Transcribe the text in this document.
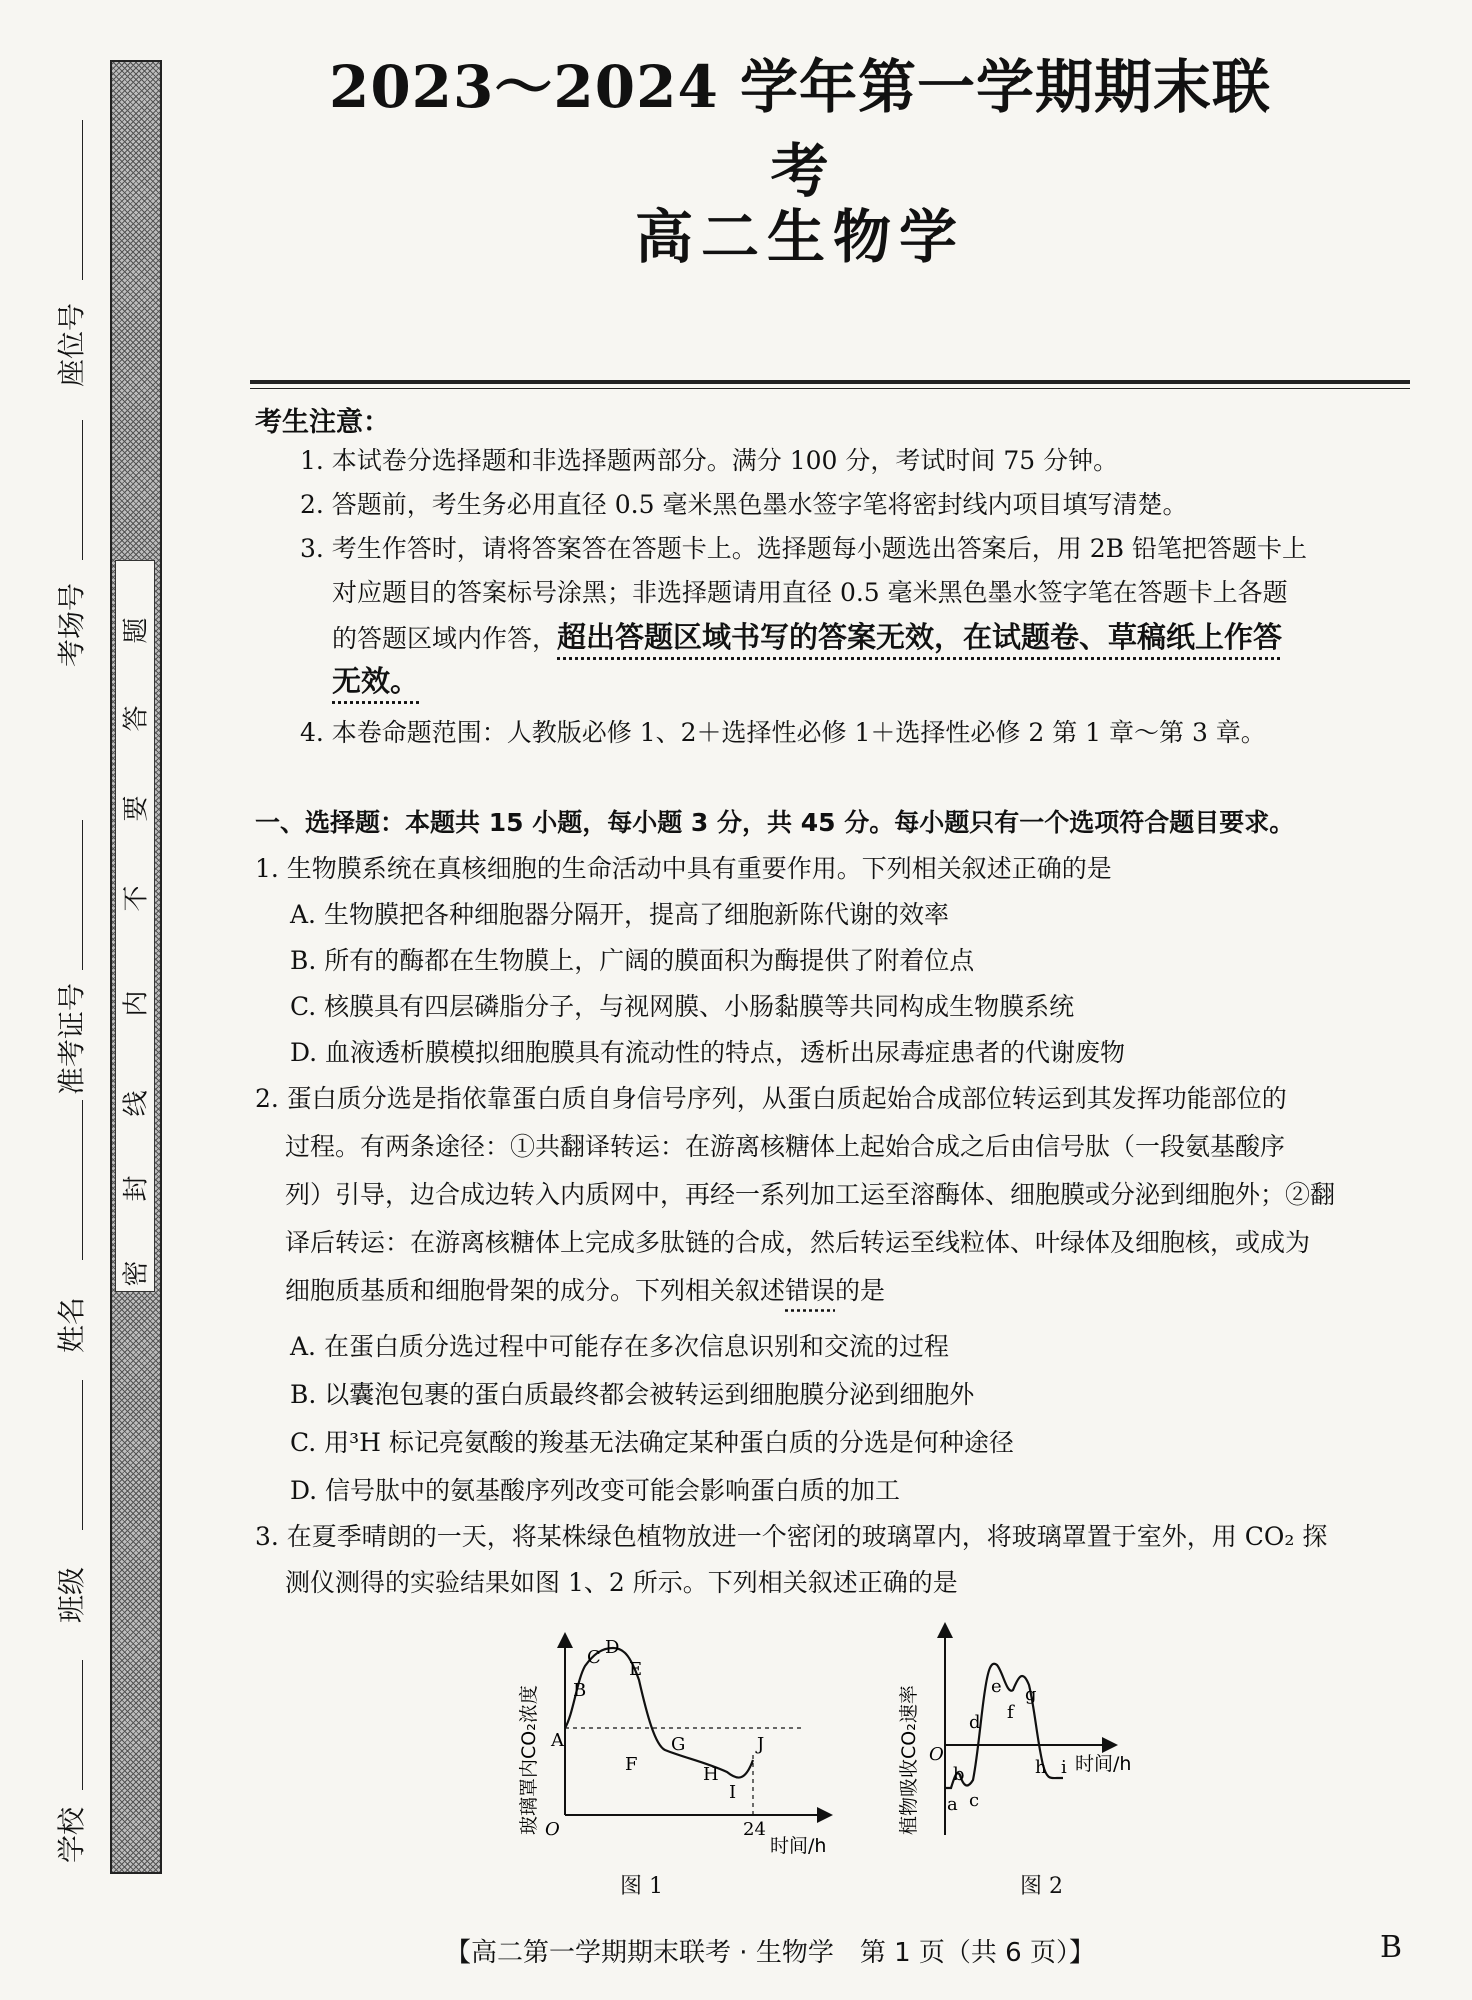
题
答
要
不
内
线
封
密
学校
班级
姓名
准考证号
考场号
座位号
2023～2024 学年第一学期期末联考
高二生物学
考生注意：
1. 本试卷分选择题和非选择题两部分。满分 100 分，考试时间 75 分钟。
2. 答题前，考生务必用直径 0.5 毫米黑色墨水签字笔将密封线内项目填写清楚。
3. 考生作答时，请将答案答在答题卡上。选择题每小题选出答案后，用 2B 铅笔把答题卡上
对应题目的答案标号涂黑；非选择题请用直径 0.5 毫米黑色墨水签字笔在答题卡上各题
的答题区域内作答，超出答题区域书写的答案无效，在试题卷、草稿纸上作答
无效。
4. 本卷命题范围：人教版必修 1、2＋选择性必修 1＋选择性必修 2 第 1 章～第 3 章。
一、选择题：本题共 15 小题，每小题 3 分，共 45 分。每小题只有一个选项符合题目要求。
1. 生物膜系统在真核细胞的生命活动中具有重要作用。下列相关叙述正确的是
A. 生物膜把各种细胞器分隔开，提高了细胞新陈代谢的效率
B. 所有的酶都在生物膜上，广阔的膜面积为酶提供了附着位点
C. 核膜具有四层磷脂分子，与视网膜、小肠黏膜等共同构成生物膜系统
D. 血液透析膜模拟细胞膜具有流动性的特点，透析出尿毒症患者的代谢废物
2. 蛋白质分选是指依靠蛋白质自身信号序列，从蛋白质起始合成部位转运到其发挥功能部位的
过程。有两条途径：①共翻译转运：在游离核糖体上起始合成之后由信号肽（一段氨基酸序
列）引导，边合成边转入内质网中，再经一系列加工运至溶酶体、细胞膜或分泌到细胞外；②翻
译后转运：在游离核糖体上完成多肽链的合成，然后转运至线粒体、叶绿体及细胞核，或成为
细胞质基质和细胞骨架的成分。下列相关叙述错误的是
A. 在蛋白质分选过程中可能存在多次信息识别和交流的过程
B. 以囊泡包裹的蛋白质最终都会被转运到细胞膜分泌到细胞外
C. 用³H 标记亮氨酸的羧基无法确定某种蛋白质的分选是何种途径
D. 信号肽中的氨基酸序列改变可能会影响蛋白质的加工
3. 在夏季晴朗的一天，将某株绿色植物放进一个密闭的玻璃罩内，将玻璃罩置于室外，用 CO₂ 探
测仪测得的实验结果如图 1、2 所示。下列相关叙述正确的是
A
B
C D
E
F
G
H
I
J
O	24
时间/h
玻璃罩内CO₂浓度
图 1
a
b
c
d
e
f
g
h i
O	时间/h
植物吸收CO₂速率
图 2
【高二第一学期期末联考 · 生物学　第 1 页（共 6 页）】	B
